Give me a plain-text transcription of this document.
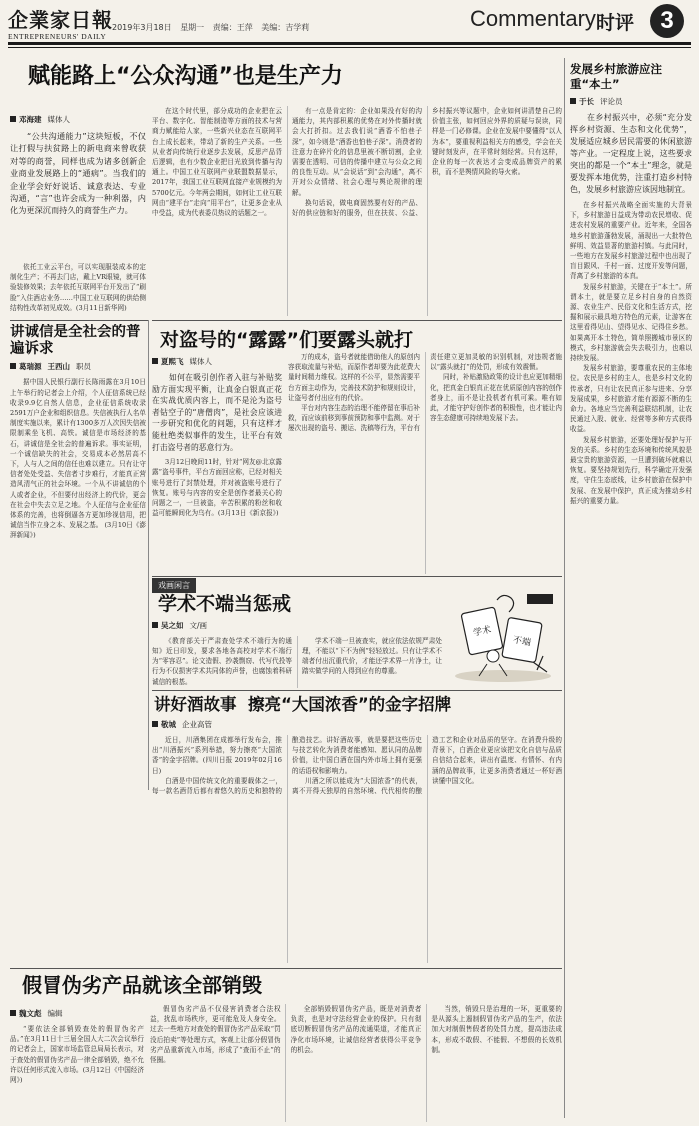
企業家日報
ENTREPRENEURS' DAILY
2019年3月18日 星期一 责编：王萍 美编：吉学莉	Commentary 时评	3
赋能路上“公众沟通”也是生产力
邓海建 媒体人
“公共沟通能力”这块短板，不仅让打假与扶贫路上的新电商来曾收获对等的商誉，同样也成为诸多创新企业商业发展路上的“通病”。当我们的企业学会好好说话、诚意表达、专业沟通，“言”也许会成为一种利器，内化为更深沉而持久的商誉生产力。

在这个时代里，部分成功的企业把在云平台、数字化、智能制造等方面的技术与营商力赋能给人家，一些新兴业态在互联网平台上成长起来，带动了新的生产关系。一些从业者向传统行业逐步去发展，反思产品背后逻辑，也有少数企业把目光放到传播与沟通上。中国工业互联网产业联盟数据显示，2017年，我国工业互联网直接产业规模约为5700亿元。今年两会期间，如何让工业互联网由“建平台”走向“用平台”，让更多企业从中受益，成为代表委员热议的话题之一。

有一点是肯定的：企业如果没有好的沟通能力，其内部积累的优势在对外传播时就会大打折扣。过去我们说“酒香不怕巷子深”，如今则是“酒香也怕巷子深”。消费者的注意力在碎片化的信息里被不断切割，企业需要在透明、可信的传播中建立与公众之间的良性互动。从“会说话”到“会沟通”，离不开对公众情绪、社会心理与舆论规律的理解。

换句话说，做电商固然要有好的产品、好的供应链和好的服务，但在扶贫、公益、乡村振兴等议题中，企业如何讲清楚自己的价值主张，如何回应外界的质疑与误读，同样是一门必修课。企业在发展中要懂得“以人为本”，要重视利益相关方的感受，学会在关键时刻发声，在平常时刻经营。只有这样，企业的每一次表达才会变成品牌资产的累积，而不是舆情风险的导火索。

依托工业云平台，可以实现服装成本的定制化生产；不再去门店，戴上VR眼镜，就可体验装修效果；去年依托互联网平台开发出了“刷脸”入住酒店业务……中国工业互联网的供给侧结构性改革初见成效。(3月11日新华网)
讲诚信是全社会的普遍诉求
葛瑞源 王西山 职员
据中国人民银行副行长陈雨露在3月10日上午举行的记者会上介绍，个人征信系统已经收录9.9亿自然人信息，企业征信系统收录2591万户企业和组织信息。失信被执行人名单制度实施以来，累计有1300多万人次因失信被限制乘坐飞机、高铁。诚信是市场经济的基石，讲诚信是全社会的普遍诉求。事实证明，一个诚信缺失的社会，交易成本必然居高不下，人与人之间的信任也难以建立。只有让守信者处处受益、失信者寸步难行，才能真正营造风清气正的社会环境。一个从不讲诚信的个人或者企业，不但要付出经济上的代价，更会在社会中失去立足之地。个人征信与企业征信体系的完善，也将倒逼各方更加珍视信用，把诚信当作立身之本、发展之基。 (3月10日《澎湃新闻》)
对盗号的“露露”们要露头就打
夏熙飞 媒体人
如何在吸引创作者入驻与补贴奖励方面实现平衡，让真金白银真正花在实战优质内容上，而不是沦为盗号者钻空子的“唐僧肉”，是社会应该进一步研究和优化的问题，只有这样才能杜绝类似事件的发生，让平台有效打击盗号者的恶意行为。
3月12日晚间11时，针对“网友@北京露露”盗号事件，平台方面回应称，已经对相关账号进行了封禁处理，并对被盗账号进行了恢复。账号与内容的安全是创作者最关心的问题之一，一旦被盗，辛苦积累的粉丝和收益可能瞬间化为乌有。(3月13日《新京报》)

万的成本，盗号者就能借助他人的原创内容获取流量与补贴，而原作者却要为此花费大量时间精力维权。这样的不公平，显然需要平台方面主动作为，完善技术防护和规则设计，让盗号者付出应有的代价。

平台对内容生态的治理不能停留在事后补救，而应该前移到事前预防和事中监测。对于屡次出现的盗号、搬运、洗稿等行为，平台有责任建立更加灵敏的识别机制，对违规者施以“露头就打”的处罚，形成有效震慑。

同时，补贴激励政策的设计也应更加精细化，把真金白银真正花在优质原创内容的创作者身上，而不是让投机者有机可乘。唯有如此，才能守护好创作者的积极性，也才能让内容生态健康可持续地发展下去。

戏画闲言
学术不端当惩戒
吴之如 文/画

《教育部关于严肃查处学术不端行为的通知》近日印发，要求各地各高校对学术不端行为“零容忍”。论文造假、抄袭剽窃、代写代投等行为不仅损害学术共同体的声誉，也腐蚀着科研诚信的根基。

学术不端一旦被查实，就应依法依规严肃处理，不能以“下不为例”轻轻放过。只有让学术不端者付出沉重代价，才能还学术界一片净土，让踏实做学问的人得到应有的尊重。

学术
不端
讲好酒故事  擦亮“大国浓香”的金字招牌
敬城 企业高管

近日，川酒集团在成都举行发布会，推出“川酒振兴”系列举措，努力擦亮“大国浓香”的金字招牌。(四川日报 2019年02月16日)

白酒是中国传统文化的重要载体之一，每一款名酒背后都有着悠久的历史和独特的酿造技艺。讲好酒故事，就是要把这些历史与技艺转化为消费者能感知、愿认同的品牌价值，让中国白酒在国内外市场上拥有更强的话语权和影响力。

川酒之所以能成为“大国浓香”的代表，离不开得天独厚的自然环境、代代相传的酿造工艺和企业对品质的坚守。在消费升级的背景下，白酒企业更应该把文化自信与品质自信结合起来，讲出有温度、有情怀、有内涵的品牌故事，让更多消费者通过一杯好酒读懂中国文化。

假冒伪劣产品就该全部销毁
魏文彪 编辑
“要依法全部销毁查处的假冒伪劣产品。”在3月11日十三届全国人大二次会议举行的记者会上，国家市场监管总局局长表示，对于查处的假冒伪劣产品一律全部销毁，绝不允许以任何形式流入市场。(3月12日《中国经济网》)

假冒伪劣产品不仅侵害消费者合法权益，扰乱市场秩序，更可能危及人身安全。过去一些地方对查处的假冒伪劣产品采取“罚没后拍卖”等处理方式，客观上让部分假冒伪劣产品重新流入市场，形成了“查而不止”的怪圈。

全部销毁假冒伪劣产品，既是对消费者负责，也是对守法经营企业的保护。只有彻底切断假冒伪劣产品的流通渠道，才能真正净化市场环境，让诚信经营者获得公平竞争的机会。

当然，销毁只是治理的一环，更重要的是从源头上遏制假冒伪劣产品的生产，依法加大对制假售假者的处罚力度，提高违法成本，形成不敢假、不能假、不想假的长效机制。

发展乡村旅游应注重“本土”
于长 评论员
在乡村振兴中，必须“充分发挥乡村资源、生态和文化优势”，发展适应城乡居民需要的休闲旅游等产业。一定程度上说，这些要求突出的都是一个“本土”理念，就是要发挥本地优势，注重打造乡村特色，发展乡村旅游应该因地制宜。
在乡村振兴战略全面实施的大背景下，乡村旅游日益成为带动农民增收、促进农村发展的重要产业。近年来，全国各地乡村旅游蓬勃发展，涌现出一大批特色鲜明、效益显著的旅游村镇。与此同时，一些地方在发展乡村旅游过程中也出现了盲目跟风、千村一面、过度开发等问题，背离了乡村旅游的本真。
发展乡村旅游，关键在于“本土”。所谓本土，就是要立足乡村自身的自然资源、农业生产、民俗文化和生活方式，挖掘和展示最具地方特色的元素，让游客在这里看得见山、望得见水、记得住乡愁。如果离开本土特色，简单照搬城市景区的模式，乡村旅游就会失去吸引力，也难以持续发展。
发展乡村旅游，要尊重农民的主体地位。农民是乡村的主人，也是乡村文化的传承者，只有让农民真正参与进来、分享发展成果，乡村旅游才能有源源不断的生命力。各地应当完善利益联结机制，让农民通过入股、就业、经营等多种方式获得收益。
发展乡村旅游，还要处理好保护与开发的关系。乡村的生态环境和传统风貌是最宝贵的旅游资源，一旦遭到破坏就难以恢复。要坚持规划先行，科学确定开发强度，守住生态底线，让乡村旅游在保护中发展、在发展中保护，真正成为推动乡村振兴的重要力量。
